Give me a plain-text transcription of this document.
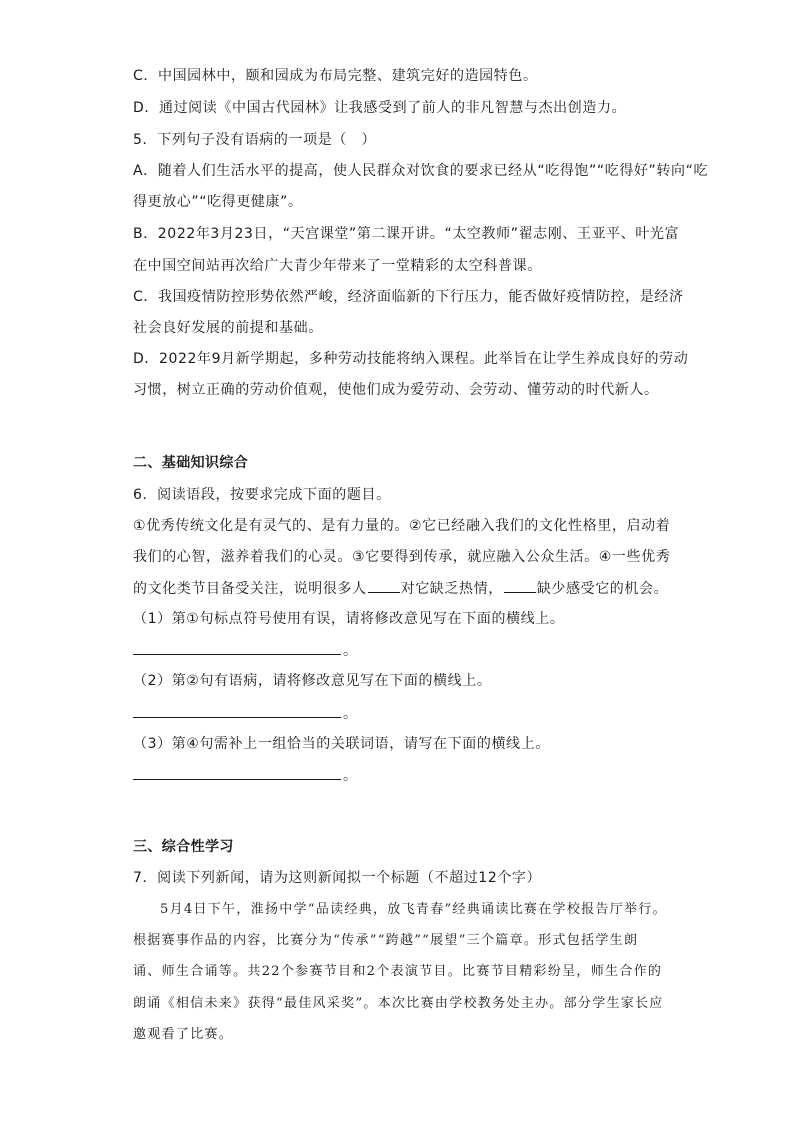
C．中国园林中，颐和园成为布局完整、建筑完好的造园特色。
D．通过阅读《中国古代园林》让我感受到了前人的非凡智慧与杰出创造力。
5．下列句子没有语病的一项是（　）
A．随着人们生活水平的提高，使人民群众对饮食的要求已经从“吃得饱”“吃得好”转向“吃
得更放心”“吃得更健康”。
B．2022年3月23日，“天宫课堂”第二课开讲。“太空教师”翟志刚、王亚平、叶光富
在中国空间站再次给广大青少年带来了一堂精彩的太空科普课。
C．我国疫情防控形势依然严峻，经济面临新的下行压力，能否做好疫情防控，是经济
社会良好发展的前提和基础。
D．2022年9月新学期起，多种劳动技能将纳入课程。此举旨在让学生养成良好的劳动
习惯，树立正确的劳动价值观，使他们成为爱劳动、会劳动、懂劳动的时代新人。
二、基础知识综合
6．阅读语段，按要求完成下面的题目。
①优秀传统文化是有灵气的、是有力量的。②它已经融入我们的文化性格里，启动着
我们的心智，滋养着我们的心灵。③它要得到传承，就应融入公众生活。④一些优秀
的文化类节目备受关注，说明很多人 对它缺乏热情， 缺少感受它的机会。
（1）第①句标点符号使用有误，请将修改意见写在下面的横线上。
。
（2）第②句有语病，请将修改意见写在下面的横线上。
。
（3）第④句需补上一组恰当的关联词语，请写在下面的横线上。
。
三、综合性学习
7．阅读下列新闻，请为这则新闻拟一个标题（不超过12个字）
5月4日下午，淮扬中学“品读经典，放飞青春”经典诵读比赛在学校报告厅举行。
根据赛事作品的内容，比赛分为“传承”“跨越”“展望”三个篇章。形式包括学生朗
诵、师生合诵等。共22个参赛节目和2个表演节目。比赛节目精彩纷呈，师生合作的
朗诵《相信未来》获得“最佳风采奖”。本次比赛由学校教务处主办。部分学生家长应
邀观看了比赛。
